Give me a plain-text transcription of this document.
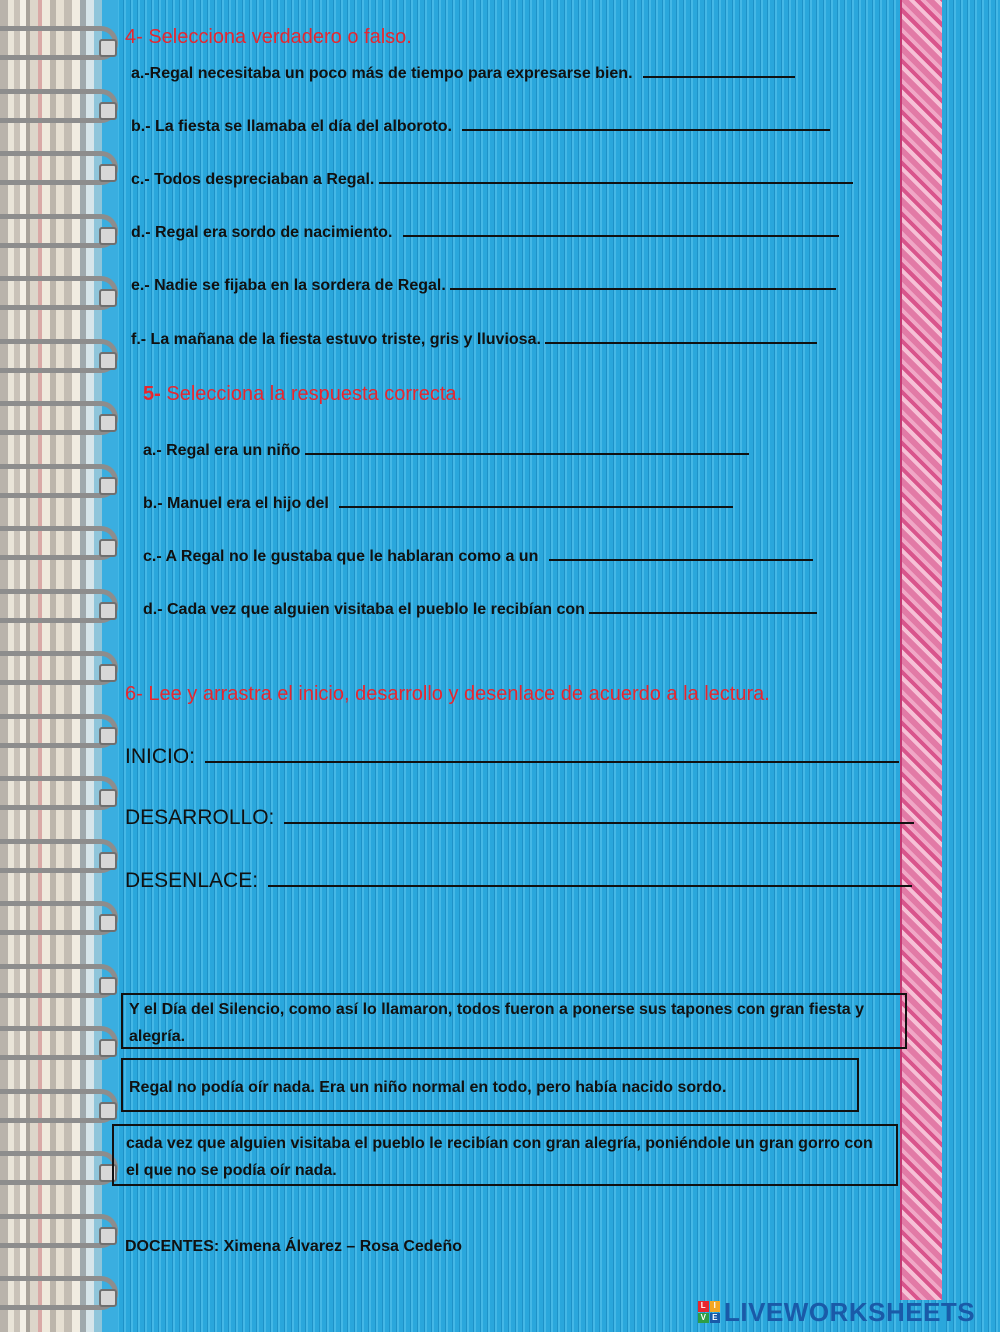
4- Selecciona verdadero o falso.
a.-Regal necesitaba un poco más de tiempo para expresarse bien.
b.- La fiesta se llamaba el día del alboroto.
c.- Todos despreciaban a Regal.
d.- Regal era sordo de nacimiento.
e.- Nadie se fijaba en la sordera de Regal.
f.- La mañana de la fiesta estuvo triste, gris y lluviosa.
5- Selecciona la respuesta correcta.
a.- Regal era un niño
b.- Manuel era el hijo del
c.- A Regal no le gustaba que le hablaran como a un
d.- Cada vez que alguien visitaba el pueblo le recibían con
6- Lee y arrastra el inicio, desarrollo y desenlace de acuerdo a la lectura.
INICIO:
DESARROLLO:
DESENLACE:
Y el Día del Silencio, como así lo llamaron, todos fueron a ponerse sus tapones con gran fiesta y alegría.
Regal no podía oír nada. Era un niño normal en todo, pero había nacido sordo.
cada vez que alguien visitaba el pueblo le recibían con gran alegría, poniéndole un gran gorro con el que no se podía oír nada.
DOCENTES: Ximena Álvarez – Rosa Cedeño
L I
V E LIVEWORKSHEETS
